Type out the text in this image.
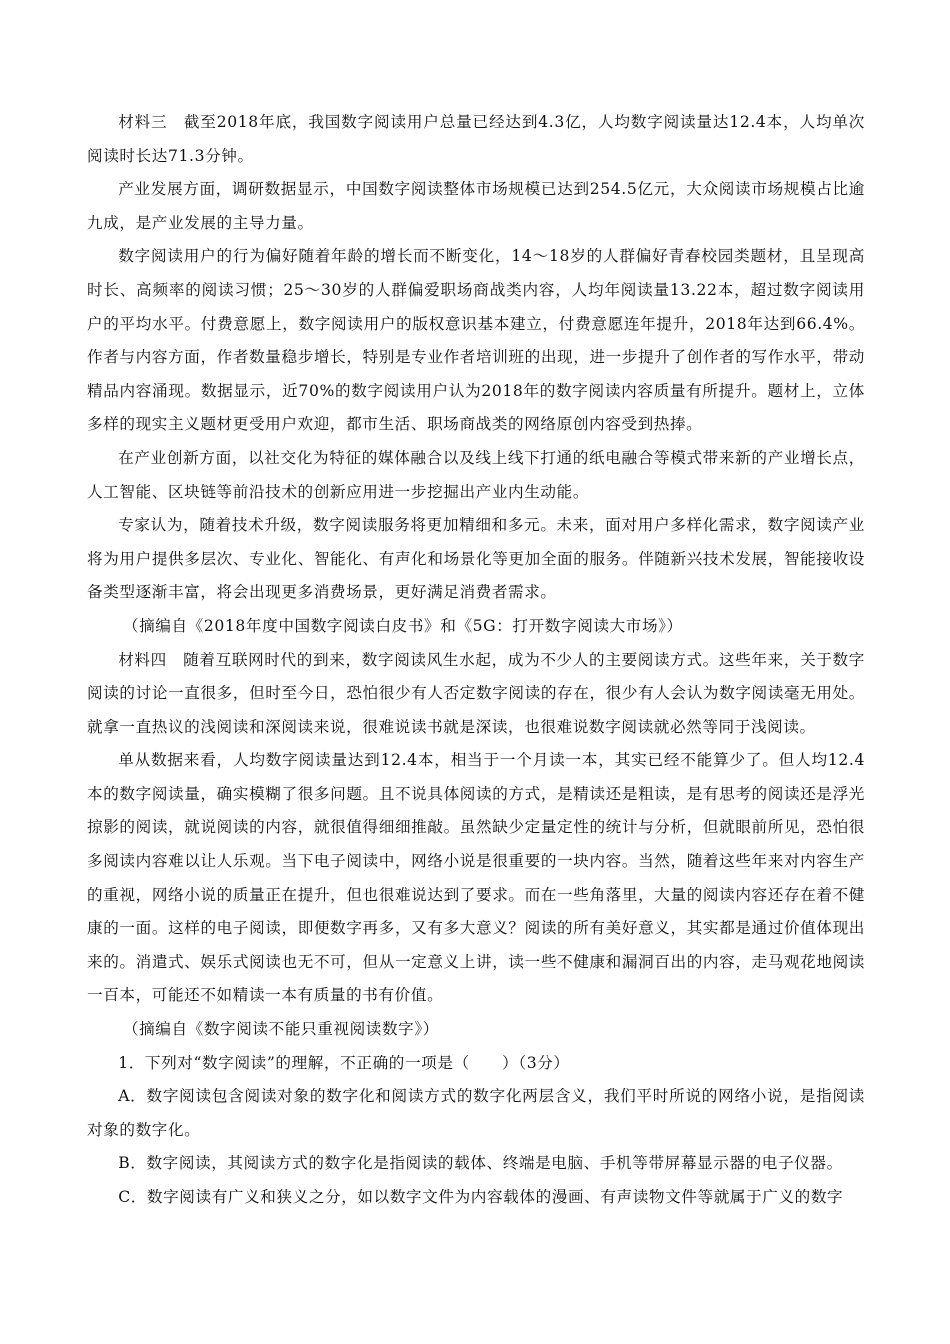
材料三　截至2018年底，我国数字阅读用户总量已经达到4.3亿，人均数字阅读量达12.4本，人均单次阅读时长达71.3分钟。

产业发展方面，调研数据显示，中国数字阅读整体市场规模已达到254.5亿元，大众阅读市场规模占比逾九成，是产业发展的主导力量。

数字阅读用户的行为偏好随着年龄的增长而不断变化，14～18岁的人群偏好青春校园类题材，且呈现高时长、高频率的阅读习惯；25～30岁的人群偏爱职场商战类内容，人均年阅读量13.22本，超过数字阅读用户的平均水平。付费意愿上，数字阅读用户的版权意识基本建立，付费意愿连年提升，2018年达到66.4%。作者与内容方面，作者数量稳步增长，特别是专业作者培训班的出现，进一步提升了创作者的写作水平，带动精品内容涌现。数据显示，近70%的数字阅读用户认为2018年的数字阅读内容质量有所提升。题材上，立体多样的现实主义题材更受用户欢迎，都市生活、职场商战类的网络原创内容受到热捧。

在产业创新方面，以社交化为特征的媒体融合以及线上线下打通的纸电融合等模式带来新的产业增长点，人工智能、区块链等前沿技术的创新应用进一步挖掘出产业内生动能。

专家认为，随着技术升级，数字阅读服务将更加精细和多元。未来，面对用户多样化需求，数字阅读产业将为用户提供多层次、专业化、智能化、有声化和场景化等更加全面的服务。伴随新兴技术发展，智能接收设备类型逐渐丰富，将会出现更多消费场景，更好满足消费者需求。

（摘编自《2018年度中国数字阅读白皮书》和《5G：打开数字阅读大市场》）

材料四　随着互联网时代的到来，数字阅读风生水起，成为不少人的主要阅读方式。这些年来，关于数字阅读的讨论一直很多，但时至今日，恐怕很少有人否定数字阅读的存在，很少有人会认为数字阅读毫无用处。就拿一直热议的浅阅读和深阅读来说，很难说读书就是深读，也很难说数字阅读就必然等同于浅阅读。

单从数据来看，人均数字阅读量达到12.4本，相当于一个月读一本，其实已经不能算少了。但人均12.4本的数字阅读量，确实模糊了很多问题。且不说具体阅读的方式，是精读还是粗读，是有思考的阅读还是浮光掠影的阅读，就说阅读的内容，就很值得细细推敲。虽然缺少定量定性的统计与分析，但就眼前所见，恐怕很多阅读内容难以让人乐观。当下电子阅读中，网络小说是很重要的一块内容。当然，随着这些年来对内容生产的重视，网络小说的质量正在提升，但也很难说达到了要求。而在一些角落里，大量的阅读内容还存在着不健康的一面。这样的电子阅读，即便数字再多，又有多大意义？阅读的所有美好意义，其实都是通过价值体现出来的。消遣式、娱乐式阅读也无不可，但从一定意义上讲，读一些不健康和漏洞百出的内容，走马观花地阅读一百本，可能还不如精读一本有质量的书有价值。

（摘编自《数字阅读不能只重视阅读数字》）

1．下列对“数字阅读”的理解，不正确的一项是（　　）（3分）

A．数字阅读包含阅读对象的数字化和阅读方式的数字化两层含义，我们平时所说的网络小说，是指阅读对象的数字化。

B．数字阅读，其阅读方式的数字化是指阅读的载体、终端是电脑、手机等带屏幕显示器的电子仪器。

C．数字阅读有广义和狭义之分，如以数字文件为内容载体的漫画、有声读物文件等就属于广义的数字
